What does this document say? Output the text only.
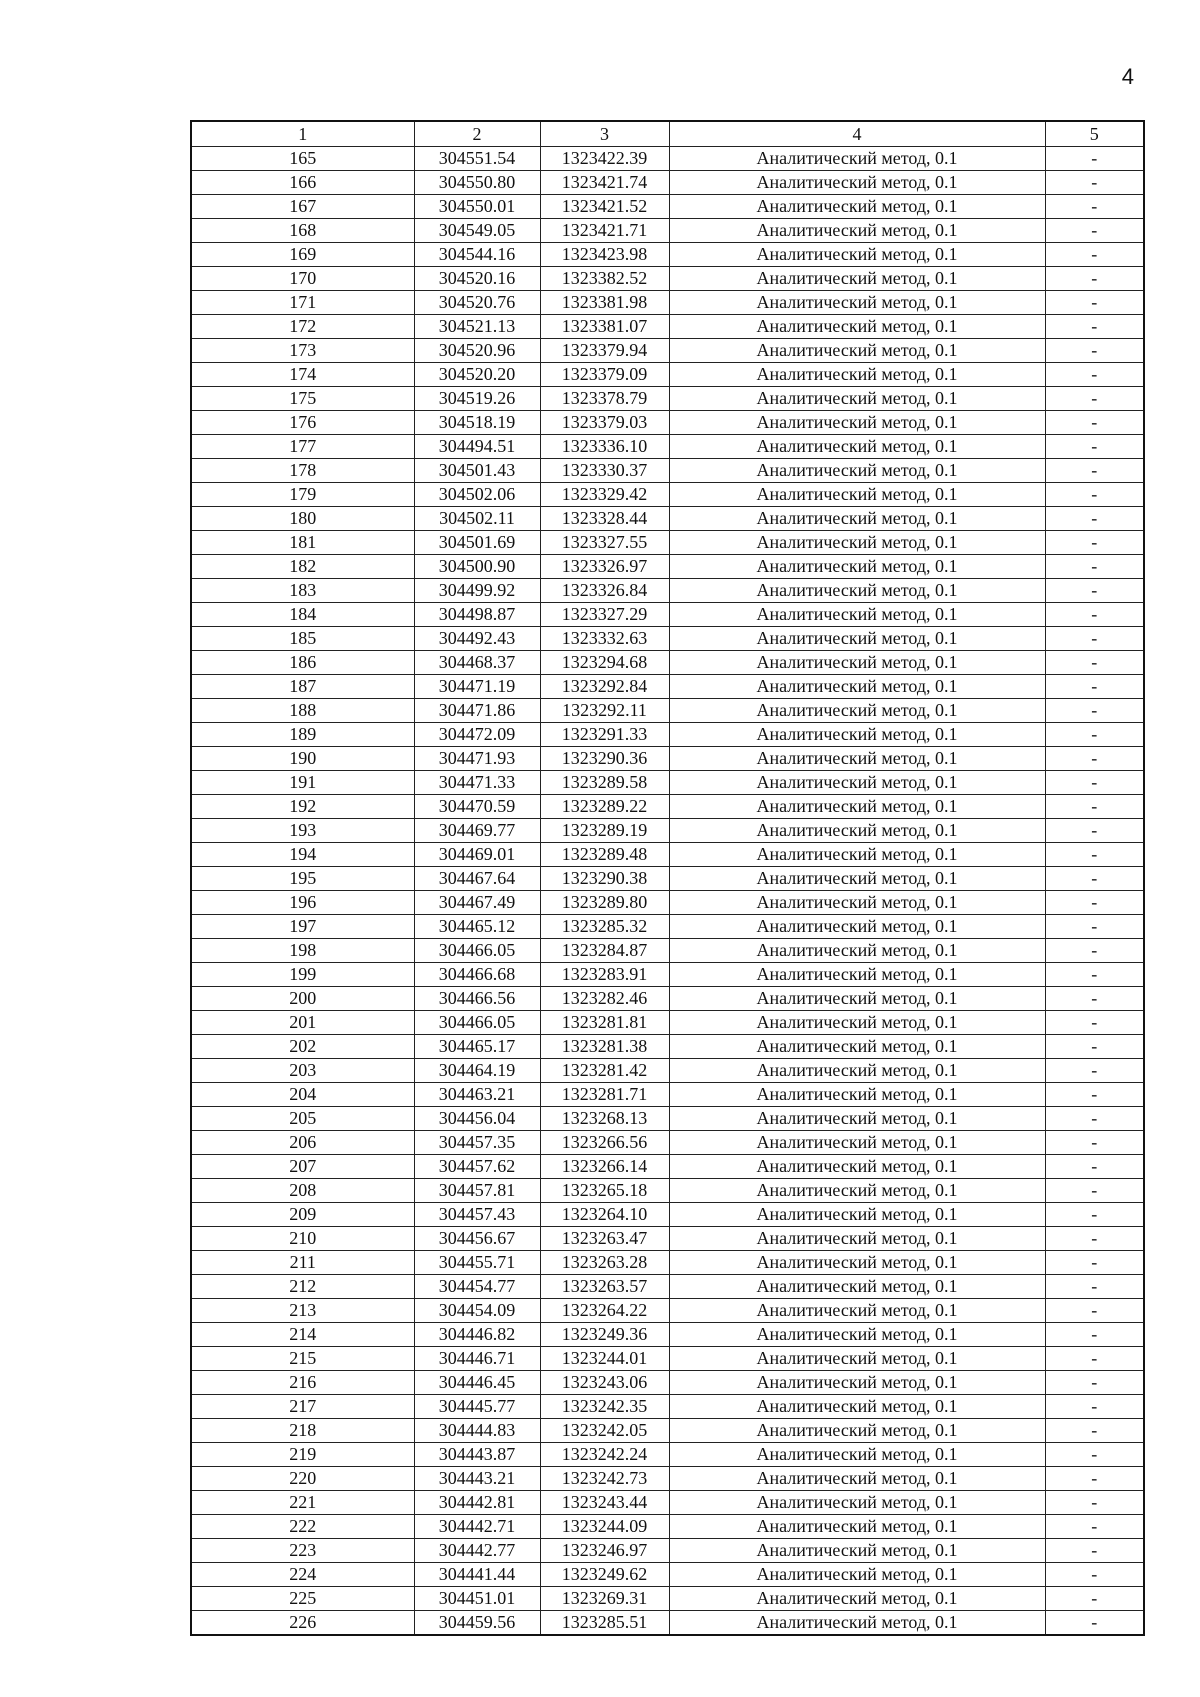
4
1	2	3	4	5
165	304551.54	1323422.39	Аналитический метод, 0.1	-
166	304550.80	1323421.74	Аналитический метод, 0.1	-
167	304550.01	1323421.52	Аналитический метод, 0.1	-
168	304549.05	1323421.71	Аналитический метод, 0.1	-
169	304544.16	1323423.98	Аналитический метод, 0.1	-
170	304520.16	1323382.52	Аналитический метод, 0.1	-
171	304520.76	1323381.98	Аналитический метод, 0.1	-
172	304521.13	1323381.07	Аналитический метод, 0.1	-
173	304520.96	1323379.94	Аналитический метод, 0.1	-
174	304520.20	1323379.09	Аналитический метод, 0.1	-
175	304519.26	1323378.79	Аналитический метод, 0.1	-
176	304518.19	1323379.03	Аналитический метод, 0.1	-
177	304494.51	1323336.10	Аналитический метод, 0.1	-
178	304501.43	1323330.37	Аналитический метод, 0.1	-
179	304502.06	1323329.42	Аналитический метод, 0.1	-
180	304502.11	1323328.44	Аналитический метод, 0.1	-
181	304501.69	1323327.55	Аналитический метод, 0.1	-
182	304500.90	1323326.97	Аналитический метод, 0.1	-
183	304499.92	1323326.84	Аналитический метод, 0.1	-
184	304498.87	1323327.29	Аналитический метод, 0.1	-
185	304492.43	1323332.63	Аналитический метод, 0.1	-
186	304468.37	1323294.68	Аналитический метод, 0.1	-
187	304471.19	1323292.84	Аналитический метод, 0.1	-
188	304471.86	1323292.11	Аналитический метод, 0.1	-
189	304472.09	1323291.33	Аналитический метод, 0.1	-
190	304471.93	1323290.36	Аналитический метод, 0.1	-
191	304471.33	1323289.58	Аналитический метод, 0.1	-
192	304470.59	1323289.22	Аналитический метод, 0.1	-
193	304469.77	1323289.19	Аналитический метод, 0.1	-
194	304469.01	1323289.48	Аналитический метод, 0.1	-
195	304467.64	1323290.38	Аналитический метод, 0.1	-
196	304467.49	1323289.80	Аналитический метод, 0.1	-
197	304465.12	1323285.32	Аналитический метод, 0.1	-
198	304466.05	1323284.87	Аналитический метод, 0.1	-
199	304466.68	1323283.91	Аналитический метод, 0.1	-
200	304466.56	1323282.46	Аналитический метод, 0.1	-
201	304466.05	1323281.81	Аналитический метод, 0.1	-
202	304465.17	1323281.38	Аналитический метод, 0.1	-
203	304464.19	1323281.42	Аналитический метод, 0.1	-
204	304463.21	1323281.71	Аналитический метод, 0.1	-
205	304456.04	1323268.13	Аналитический метод, 0.1	-
206	304457.35	1323266.56	Аналитический метод, 0.1	-
207	304457.62	1323266.14	Аналитический метод, 0.1	-
208	304457.81	1323265.18	Аналитический метод, 0.1	-
209	304457.43	1323264.10	Аналитический метод, 0.1	-
210	304456.67	1323263.47	Аналитический метод, 0.1	-
211	304455.71	1323263.28	Аналитический метод, 0.1	-
212	304454.77	1323263.57	Аналитический метод, 0.1	-
213	304454.09	1323264.22	Аналитический метод, 0.1	-
214	304446.82	1323249.36	Аналитический метод, 0.1	-
215	304446.71	1323244.01	Аналитический метод, 0.1	-
216	304446.45	1323243.06	Аналитический метод, 0.1	-
217	304445.77	1323242.35	Аналитический метод, 0.1	-
218	304444.83	1323242.05	Аналитический метод, 0.1	-
219	304443.87	1323242.24	Аналитический метод, 0.1	-
220	304443.21	1323242.73	Аналитический метод, 0.1	-
221	304442.81	1323243.44	Аналитический метод, 0.1	-
222	304442.71	1323244.09	Аналитический метод, 0.1	-
223	304442.77	1323246.97	Аналитический метод, 0.1	-
224	304441.44	1323249.62	Аналитический метод, 0.1	-
225	304451.01	1323269.31	Аналитический метод, 0.1	-
226	304459.56	1323285.51	Аналитический метод, 0.1	-
